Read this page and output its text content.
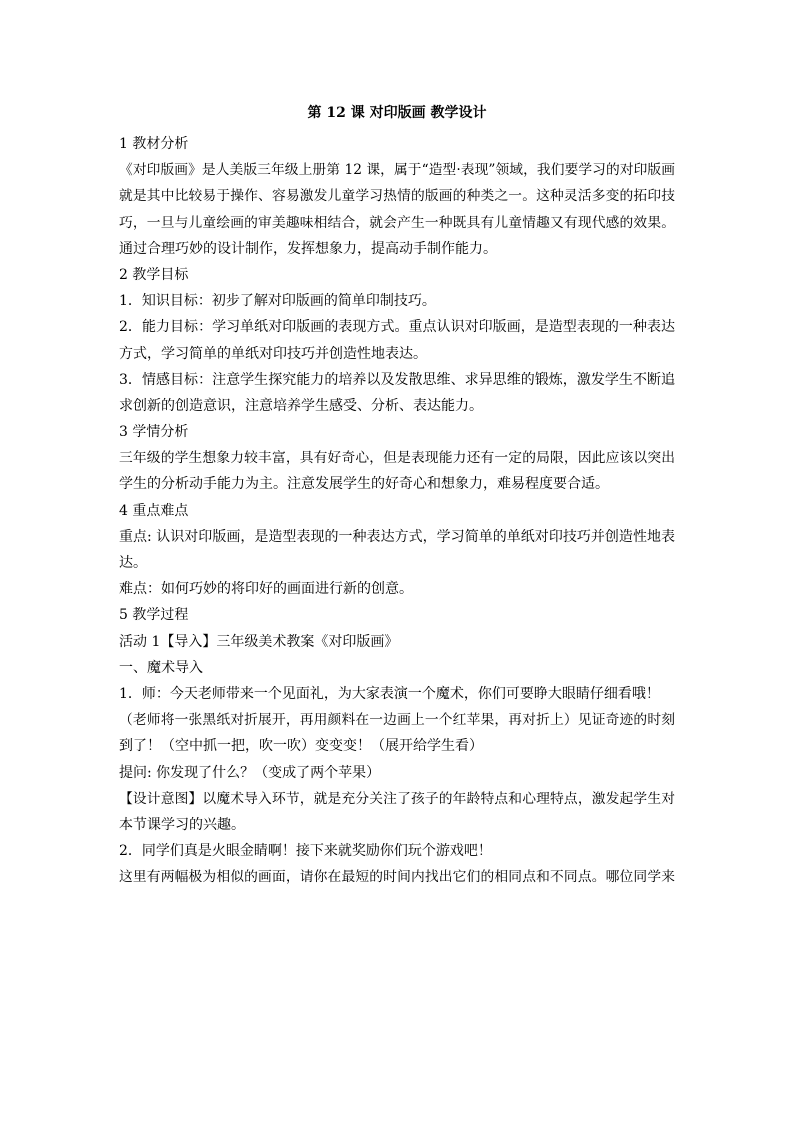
第 12 课 对印版画 教学设计
1 教材分析
《对印版画》是人美版三年级上册第 12 课，属于“造型·表现”领域，我们要学习的对印版画
就是其中比较易于操作、容易激发儿童学习热情的版画的种类之一。这种灵活多变的拓印技
巧，一旦与儿童绘画的审美趣味相结合，就会产生一种既具有儿童情趣又有现代感的效果。
通过合理巧妙的设计制作，发挥想象力，提高动手制作能力。
2 教学目标
1．知识目标：初步了解对印版画的简单印制技巧。
2．能力目标：学习单纸对印版画的表现方式。重点认识对印版画，是造型表现的一种表达
方式，学习简单的单纸对印技巧并创造性地表达。
3．情感目标：注意学生探究能力的培养以及发散思维、求异思维的锻炼，激发学生不断追
求创新的创造意识，注意培养学生感受、分析、表达能力。
3 学情分析
三年级的学生想象力较丰富，具有好奇心，但是表现能力还有一定的局限，因此应该以突出
学生的分析动手能力为主。注意发展学生的好奇心和想象力，难易程度要合适。
4 重点难点
重点: 认识对印版画，是造型表现的一种表达方式，学习简单的单纸对印技巧并创造性地表
达。
难点：如何巧妙的将印好的画面进行新的创意。
5 教学过程
活动 1【导入】三年级美术教案《对印版画》
一、魔术导入
1．师：今天老师带来一个见面礼，为大家表演一个魔术，你们可要睁大眼睛仔细看哦！
（老师将一张黑纸对折展开，再用颜料在一边画上一个红苹果，再对折上）见证奇迹的时刻
到了！（空中抓一把，吹一吹）变变变！（展开给学生看）
提问: 你发现了什么？（变成了两个苹果）
【设计意图】以魔术导入环节，就是充分关注了孩子的年龄特点和心理特点，激发起学生对
本节课学习的兴趣。
2．同学们真是火眼金睛啊！接下来就奖励你们玩个游戏吧！
这里有两幅极为相似的画面，请你在最短的时间内找出它们的相同点和不同点。哪位同学来
